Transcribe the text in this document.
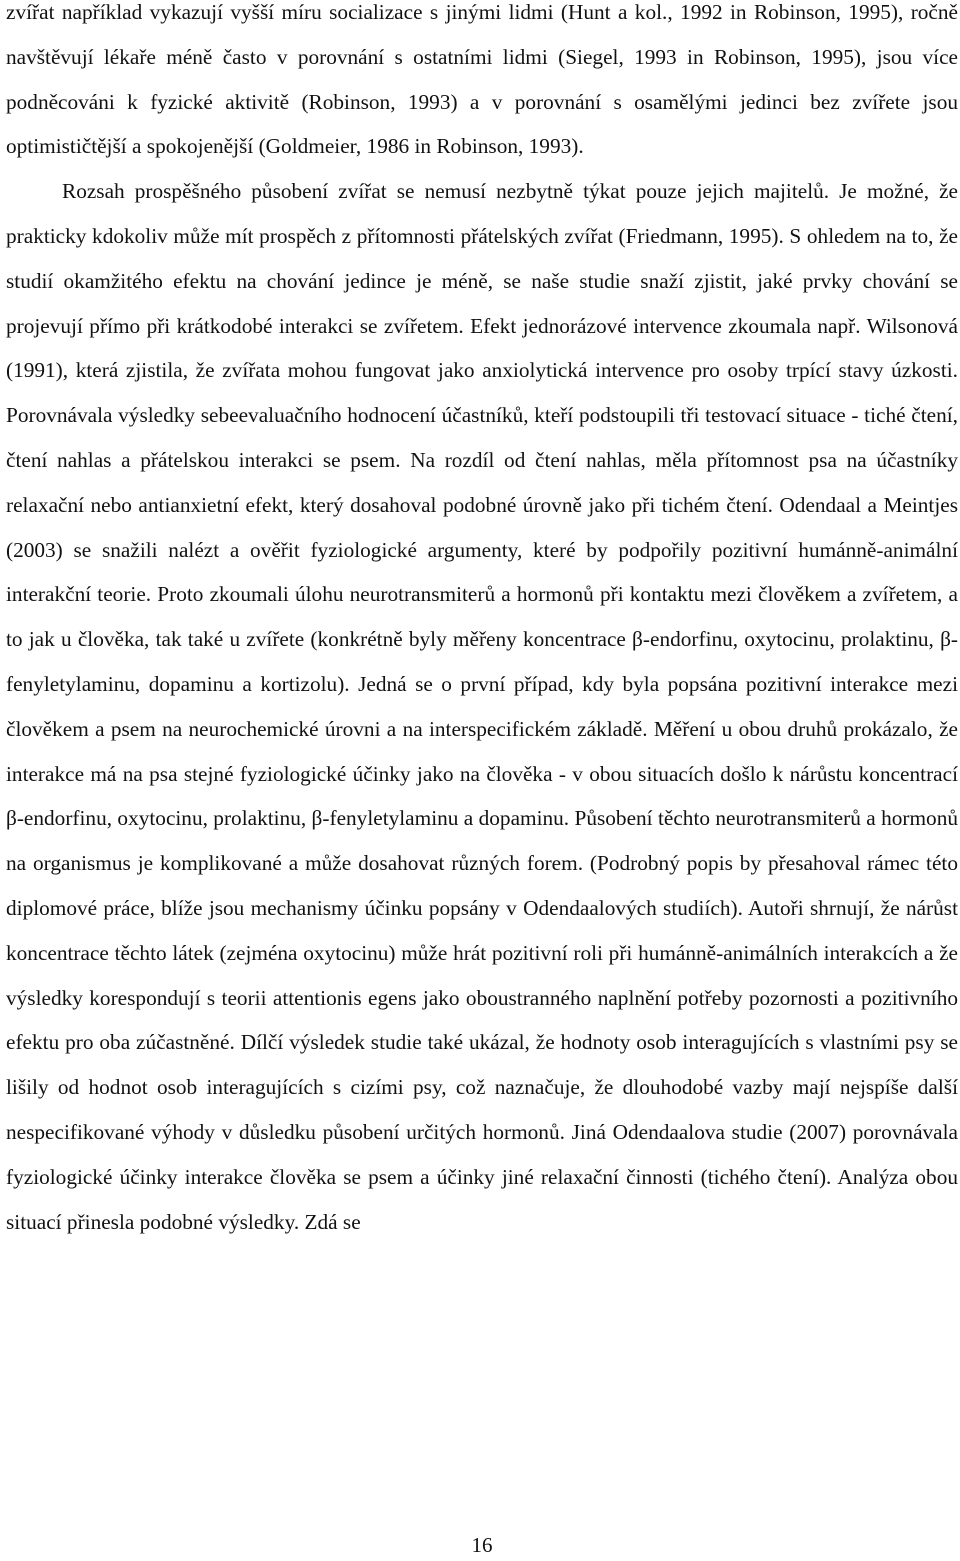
zvířat například vykazují vyšší míru socializace s jinými lidmi (Hunt a kol., 1992 in Robinson, 1995), ročně navštěvují lékaře méně často v porovnání s ostatními lidmi (Siegel, 1993 in Robinson, 1995), jsou více podněcováni k fyzické aktivitě (Robinson, 1993) a v porovnání s osamělými jedinci bez zvířete jsou optimističtější a spokojenější (Goldmeier, 1986 in Robinson, 1993).

Rozsah prospěšného působení zvířat se nemusí nezbytně týkat pouze jejich majitelů. Je možné, že prakticky kdokoliv může mít prospěch z přítomnosti přátelských zvířat (Friedmann, 1995). S ohledem na to, že studií okamžitého efektu na chování jedince je méně, se naše studie snaží zjistit, jaké prvky chování se projevují přímo při krátkodobé interakci se zvířetem. Efekt jednorázové intervence zkoumala např. Wilsonová (1991), která zjistila, že zvířata mohou fungovat jako anxiolytická intervence pro osoby trpící stavy úzkosti. Porovnávala výsledky sebeevaluačního hodnocení účastníků, kteří podstoupili tři testovací situace - tiché čtení, čtení nahlas a přátelskou interakci se psem. Na rozdíl od čtení nahlas, měla přítomnost psa na účastníky relaxační nebo antianxietní efekt, který dosahoval podobné úrovně jako při tichém čtení. Odendaal a Meintjes (2003) se snažili nalézt a ověřit fyziologické argumenty, které by podpořily pozitivní humánně-animální interakční teorie. Proto zkoumali úlohu neurotransmiterů a hormonů při kontaktu mezi člověkem a zvířetem, a to jak u člověka, tak také u zvířete (konkrétně byly měřeny koncentrace β-endorfinu, oxytocinu, prolaktinu, β-fenyletylaminu, dopaminu a kortizolu). Jedná se o první případ, kdy byla popsána pozitivní interakce mezi člověkem a psem na neurochemické úrovni a na interspecifickém základě. Měření u obou druhů prokázalo, že interakce má na psa stejné fyziologické účinky jako na člověka - v obou situacích došlo k nárůstu koncentrací β-endorfinu, oxytocinu, prolaktinu, β-fenyletylaminu a dopaminu. Působení těchto neurotransmiterů a hormonů na organismus je komplikované a může dosahovat různých forem. (Podrobný popis by přesahoval rámec této diplomové práce, blíže jsou mechanismy účinku popsány v Odendaalových studiích). Autoři shrnují, že nárůst koncentrace těchto látek (zejména oxytocinu) může hrát pozitivní roli při humánně-animálních interakcích a že výsledky korespondují s teorii attentionis egens jako oboustranného naplnění potřeby pozornosti a pozitivního efektu pro oba zúčastněné. Dílčí výsledek studie také ukázal, že hodnoty osob interagujících s vlastními psy se lišily od hodnot osob interagujících s cizími psy, což naznačuje, že dlouhodobé vazby mají nejspíše další nespecifikované výhody v důsledku působení určitých hormonů. Jiná Odendaalova studie (2007) porovnávala fyziologické účinky interakce člověka se psem a účinky jiné relaxační činnosti (tichého čtení). Analýza obou situací přinesla podobné výsledky. Zdá se

16
